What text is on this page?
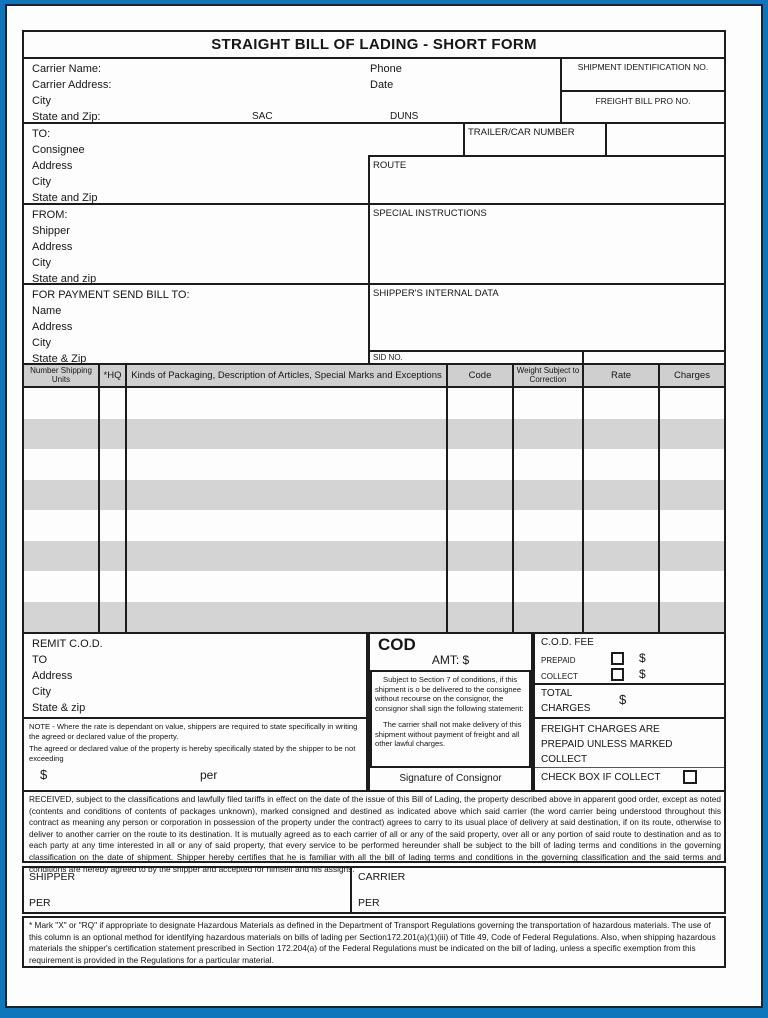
STRAIGHT BILL OF LADING - SHORT FORM
Carrier Name:
Carrier Address:
City
State and Zip:
Phone
Date
SAC	DUNS
SHIPMENT IDENTIFICATION NO.
FREIGHT BILL PRO NO.
TO:
Consignee
Address
City
State and Zip
TRAILER/CAR NUMBER
ROUTE
FROM:
Shipper
Address
City
State and zip
SPECIAL INSTRUCTIONS
FOR PAYMENT SEND BILL TO:
Name
Address
City
State & Zip
SHIPPER'S INTERNAL DATA
SID NO.
Number Shipping Units	*HQ	Kinds of Packaging, Description of Articles, Special Marks and Exceptions	Code	Weight Subject to Correction	Rate	Charges
REMIT C.O.D.
TO
Address
City
State & zip
NOTE - Where the rate is dependant on value, shippers are required to state specifically in writing the agreed or declared value of the property.
The agreed or declared value of the property is hereby specifically stated by the shipper to be not exceeding
$	per
COD
AMT: $
Subject to Section 7 of conditions, if this shipment is o be delivered to the consignee without recourse on the consignor, the consignor shall sign the following statement:
The carrier shall not make delivery of this shipment without payment of freight and all other lawful charges.
Signature of Consignor
C.O.D. FEE
PREPAID	$
COLLECT	$
TOTAL
CHARGES
$
FREIGHT CHARGES ARE PREPAID UNLESS MARKED COLLECT
CHECK BOX IF COLLECT
RECEIVED, subject to the classifications and lawfully filed tariffs in effect on the date of the issue of this Bill of Lading, the property described above in apparent good order, except as noted (contents and conditions of contents of packages unknown), marked consigned and destined as indicated above which said carrier (the word carrier being understood throughout this contract as meaning any person or corporation in possession of the property under the contract) agrees to carry to its usual place of delivery at said destination, if on its route, otherwise to deliver to another carrier on the route to its destination. It is mutually agreed as to each carrier of all or any of the said property, over all or any portion of said route to destination and as to each party at any time interested in all or any of said property, that every service to be performed hereunder shall be subject to the bill of lading terms and conditions in the governing classification on the date of shipment. Shipper hereby certifies that he is familiar with all the bill of lading terms and conditions in the governing classification and the said terms and conditions are hereby agreed to by the shipper and accepted for himself and his assigns.
SHIPPER
PER
CARRIER
PER
* Mark "X" or "RQ" if appropriate to designate Hazardous Materials as defined in the Department of Transport Regulations governing the transportation of hazardous materials. The use of this column is an optional method for identifying hazardous materials on bills of lading per Section172.201(a)(1)(iii) of Title 49, Code of Federal Regulations. Also, when shipping hazardous materials the shipper's certification statement prescribed in Section 172.204(a) of the Federal Regulations must be indicated on the bill of lading, unless a specific exemption from this requirement is provided in the Regulations for a particular material.
